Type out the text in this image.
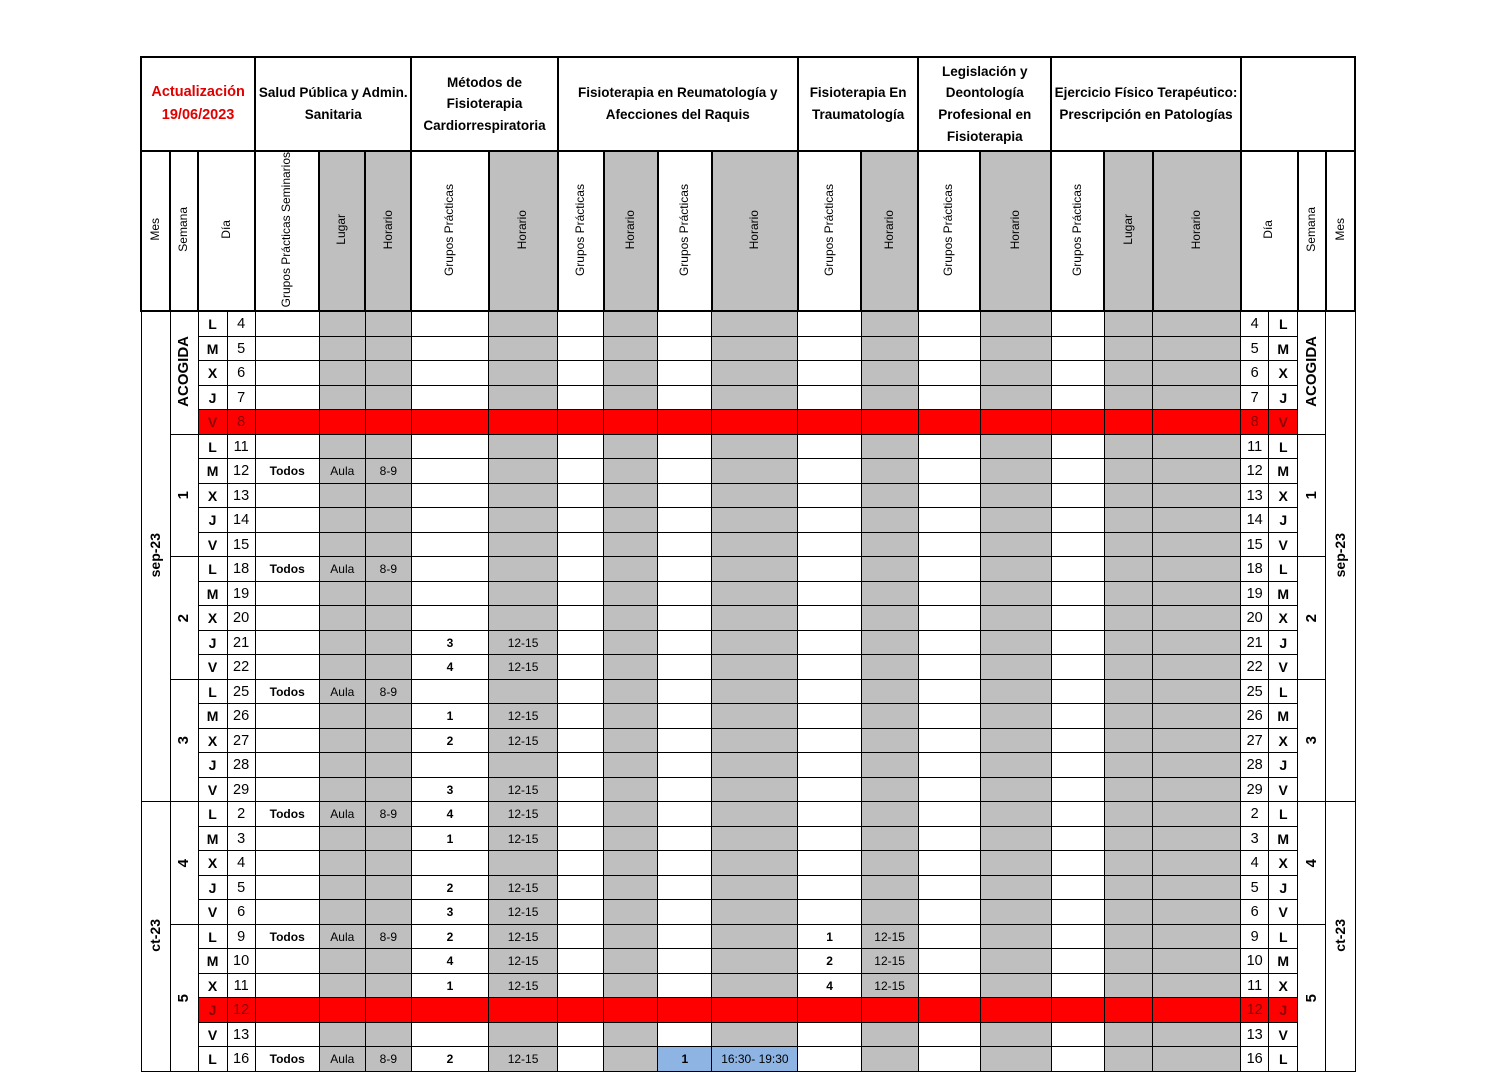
Actualización
19/06/2023				Salud Pública y Admin. Sanitaria			Métodos de Fisioterapia Cardiorrespiratoria		Fisioterapia en Reumatología y Afecciones del Raquis				Fisioterapia En Traumatología		Legislación y Deontología Profesional en Fisioterapia		Ejercicio Físico Terapéutico: Prescripción en Patologías						
Mes	Semana	Día		Grupos Prácticas Seminarios	Lugar	Horario	Grupos Prácticas	Horario	Grupos Prácticas	Horario	Grupos Prácticas	Horario	Grupos Prácticas	Horario	Grupos Prácticas	Horario	Grupos Prácticas	Lugar	Horario	Día		Semana	Mes
sep-23	ACOGIDA	L	4																	4	L	ACOGIDA	sep-23
		M	5																	5	M		
		X	6																	6	X		
		J	7																	7	J		
		V	8																	8	V		
	1	L	11																	11	L	1	
		M	12	Todos	Aula	8-9														12	M		
		X	13																	13	X		
		J	14																	14	J		
		V	15																	15	V		
	2	L	18	Todos	Aula	8-9														18	L	2	
		M	19																	19	M		
		X	20																	20	X		
		J	21				3	12-15												21	J		
		V	22				4	12-15												22	V		
	3	L	25	Todos	Aula	8-9														25	L	3	
		M	26				1	12-15												26	M		
		X	27				2	12-15												27	X		
		J	28																	28	J		
		V	29				3	12-15												29	V		
ct-23	4	L	2	Todos	Aula	8-9	4	12-15												2	L	4	ct-23
		M	3				1	12-15												3	M		
		X	4																	4	X		
		J	5				2	12-15												5	J		
		V	6				3	12-15												6	V		
	5	L	9	Todos	Aula	8-9	2	12-15					1	12-15						9	L	5	
		M	10				4	12-15					2	12-15						10	M		
		X	11				1	12-15					4	12-15						11	X		
		J	12																	12	J		
		V	13																	13	V		
		L	16	Todos	Aula	8-9	2	12-15			1	16:30- 19:30								16	L		
